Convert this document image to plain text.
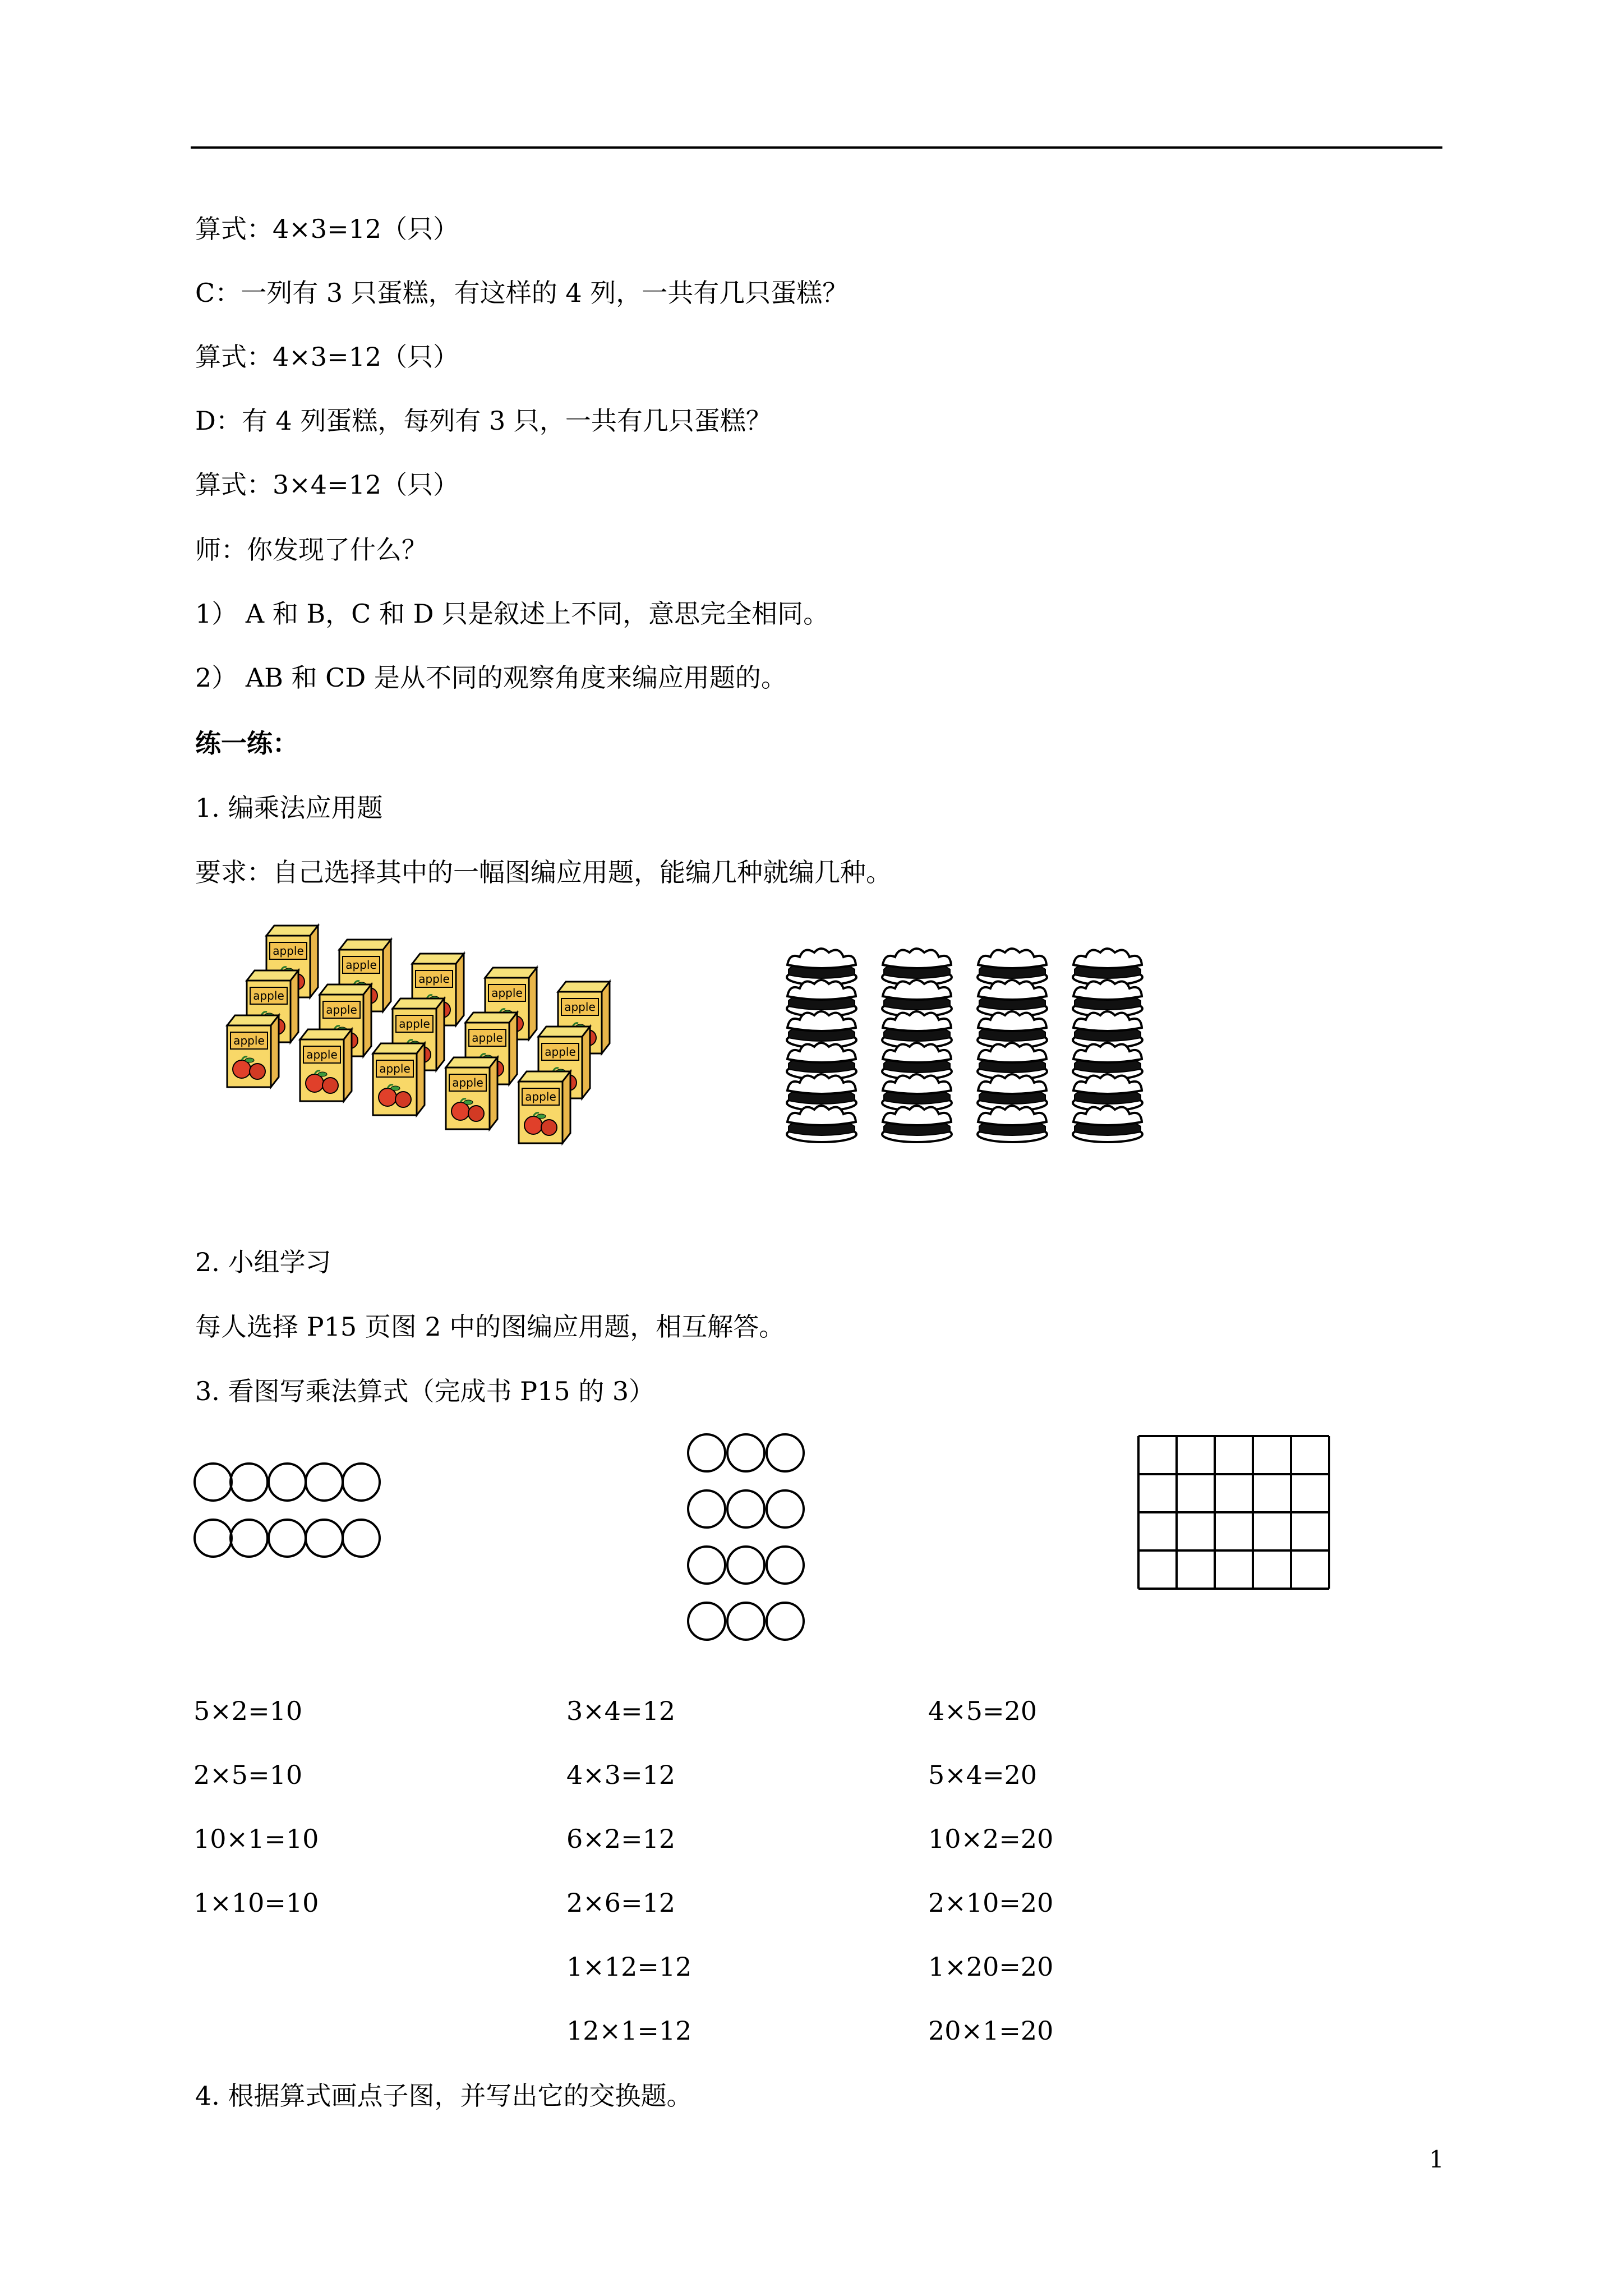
算式：4×3=12（只）
C：一列有 3 只蛋糕，有这样的 4 列，一共有几只蛋糕？
算式：4×3=12（只）
D：有 4 列蛋糕，每列有 3 只，一共有几只蛋糕？
算式：3×4=12（只）
师：你发现了什么？
1） A 和 B，C 和 D 只是叙述上不同，意思完全相同。
2） AB 和 CD 是从不同的观察角度来编应用题的。
练一练：
1. 编乘法应用题
要求：自己选择其中的一幅图编应用题，能编几种就编几种。
apple
apple
apple
apple
apple
apple
apple
apple
apple
apple
apple
apple
apple
apple
apple
2. 小组学习
每人选择 P15 页图 2 中的图编应用题，相互解答。
3. 看图写乘法算式（完成书 P15 的 3）
5×2=10
2×5=10
10×1=10
1×10=10
3×4=12
4×3=12
6×2=12
2×6=12
1×12=12
12×1=12
4×5=20
5×4=20
10×2=20
2×10=20
1×20=20
20×1=20
4. 根据算式画点子图，并写出它的交换题。
1
